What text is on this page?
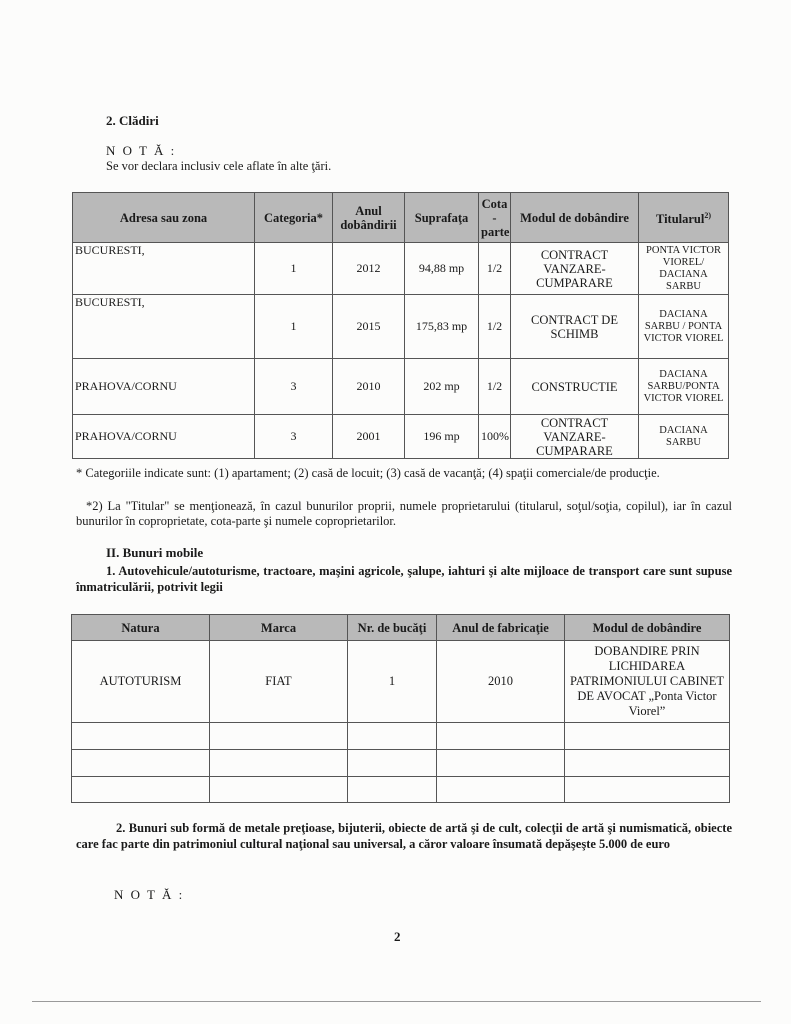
2. Clădiri
N O T Ă :
Se vor declara inclusiv cele aflate în alte ţări.
Adresa sau zona	Categoria*	Anul dobândirii	Suprafaţa	Cota - parte	Modul de dobândire	Titularul$^{2)}$
BUCURESTI,	1	2012	94,88 mp	1/2	CONTRACT VANZARE-CUMPARARE	PONTA VICTOR VIOREL/ DACIANA SARBU
BUCURESTI,	1	2015	175,83 mp	1/2	CONTRACT DE SCHIMB	DACIANA SARBU / PONTA VICTOR VIOREL
PRAHOVA/CORNU	3	2010	202 mp	1/2	CONSTRUCTIE	DACIANA SARBU/PONTA VICTOR VIOREL
PRAHOVA/CORNU	3	2001	196 mp	100%	CONTRACT VANZARE-CUMPARARE	DACIANA SARBU
* Categoriile indicate sunt: (1) apartament; (2) casă de locuit; (3) casă de vacanţă; (4) spaţii comerciale/de producţie.
*2) La "Titular" se menţionează, în cazul bunurilor proprii, numele proprietarului (titularul, soţul/soţia, copilul), iar în cazul bunurilor în coproprietate, cota-parte şi numele coproprietarilor.
II. Bunuri mobile
1. Autovehicule/autoturisme, tractoare, maşini agricole, şalupe, iahturi şi alte mijloace de transport care sunt supuse înmatriculării, potrivit legii
Natura	Marca	Nr. de bucăţi	Anul de fabricaţie	Modul de dobândire
AUTOTURISM	FIAT	1	2010	DOBANDIRE PRIN LICHIDAREA PATRIMONIULUI CABINET DE AVOCAT „Ponta Victor Viorel”

2. Bunuri sub formă de metale preţioase, bijuterii, obiecte de artă şi de cult, colecţii de artă şi numismatică, obiecte care fac parte din patrimoniul cultural naţional sau universal, a căror valoare însumată depăşeşte 5.000 de euro
N O T Ă :
2
